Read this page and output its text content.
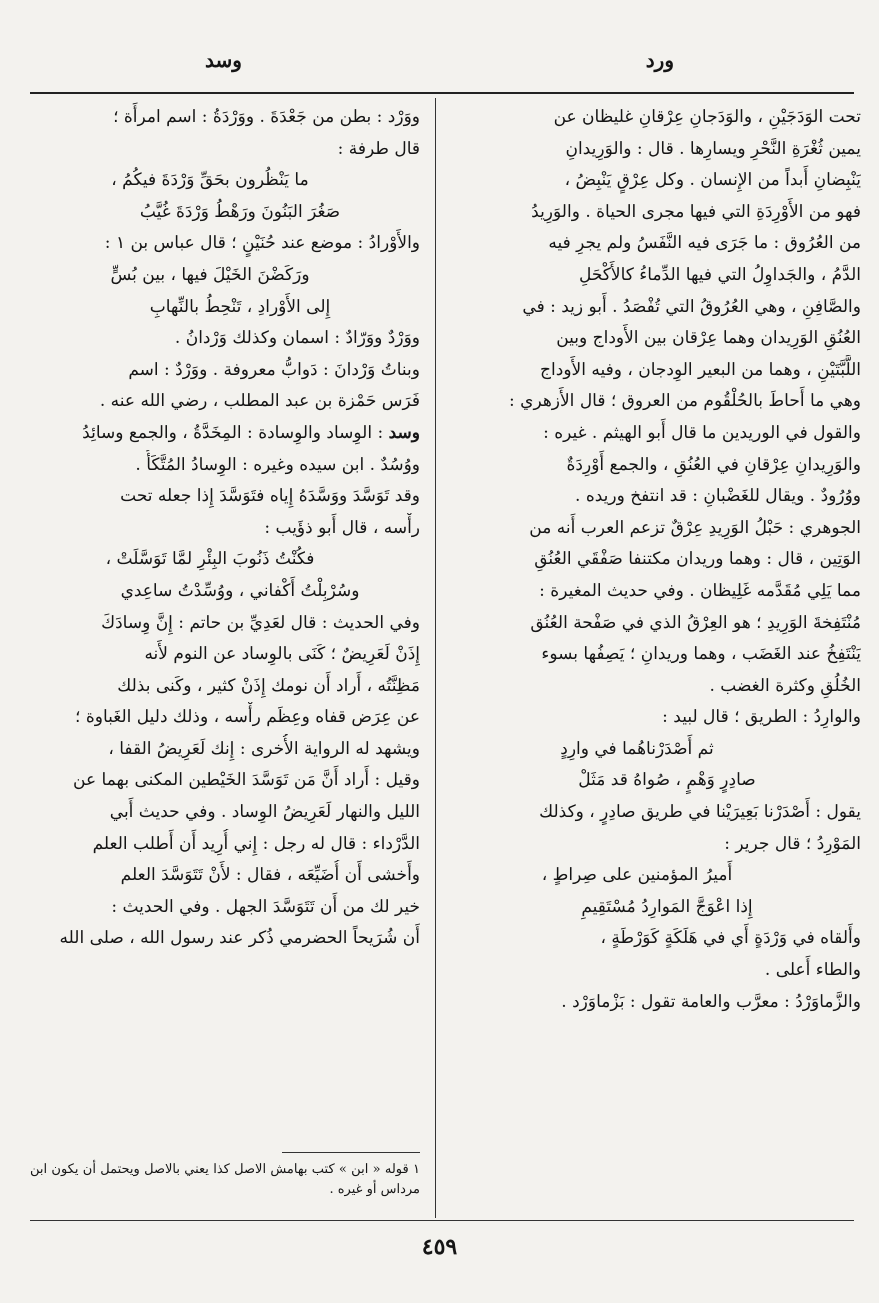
ورد
وسد
تحت الوَدَجَيْنِ ، والوَدَجانِ عِرْقانِ غليظان عن
يمين ثُغْرَةِ النَّحْرِ ويسارِها . قال : والوَرِيدانِ
يَنْبِضانِ أَبداً من الإِنسان . وكل عِرْقٍ يَنْبِضُ ،
فهو من الأَوْرِدَةِ التي فيها مجرى الحياة . والوَرِيدُ
من العُرُوق : ما جَرَى فيه النَّفَسُ ولم يجرِ فيه
الدَّمُ ، والجَداوِلُ التي فيها الدِّماءُ كالأَكْحَلِ
والصَّافِنِ ، وهي العُرُوقُ التي تُفْصَدُ . أَبو زيد : في
العُنُقِ الوَرِيدان وهما عِرْقان بين الأَوداج وبين
اللَّبَّتَيْنِ ، وهما من البعير الوِدجان ، وفيه الأَوداج
وهي ما أَحاطَ بالحُلْقُوم من العروق ؛ قال الأَزهري :
والقول في الوريدين ما قال أَبو الهيثم . غيره :
والوَرِيدانِ عِرْقانِ في العُنُقِ ، والجمع أَوْرِدَةٌ
ووُرُودٌ . ويقال للغَضْبانِ : قد انتفخ وريده .
الجوهري : حَبْلُ الوَرِيدِ عِرْقٌ تزعم العرب أَنه من
الوَتِين ، قال : وهما وريدان مكتنفا صَفْقَي العُنُقِ
مما يَلِي مُقَدَّمه غَلِيظان . وفي حديث المغيرة :
مُنْتَفِخةَ الوَرِيدِ ؛ هو العِرْقُ الذي في صَفْحة العُنُق
يَنْتَفِخُ عند الغَضَب ، وهما وريدانِ ؛ يَصِفُها بسوء
الخُلُقِ وكثرة الغضب .
والوارِدُ : الطريق ؛ قال لبيد :
ثم أَصْدَرْناهُما في وارِدٍ
صادِرٍ وَهْمٍ ، صُواهُ قد مَثَلْ
يقول : أَصْدَرْنا بَعِيرَيْنا في طريق صادِرٍ ، وكذلك
المَوْرِدُ ؛ قال جرير :
أَميرُ المؤمنين على صِراطٍ ،
إِذا اعْوَجَّ المَوارِدُ مُسْتَقِيمِ
وأَلقاه في وَرْدَةٍ أَي في هَلَكَةٍ كَوَرْطَةٍ ،
والطاء أَعلى .
والزَّماوَرْدُ : معرَّب والعامة تقول : بَزْماوَرْد .
ووَرْد : بطن من جَعْدَةَ . ووَرْدَةُ : اسم امرأَة ؛
قال طرفة :
ما يَنْظُرون بحَقِّ وَرْدَةَ فيكُمُ ،
صَغُرَ البَنُونَ ورَهْطُ وَرْدَةَ غُيَّبُ
والأَوْرادُ : موضع عند حُنَيْنٍ ؛ قال عباس بن ١ :
ورَكَضْنَ الخَيْلَ فيها ، بين بُسٍّ
إِلى الأَوْرادِ ، تَنْحِطُ بالنِّهابِ
ووَرْدٌ ووَرّادٌ : اسمان وكذلك وَرْدانُ .
وبناتُ وَرْدانَ : دَوابُّ معروفة . ووَرْدٌ : اسم
فَرَس حَمْزة بن عبد المطلب ، رضي الله عنه .
وسد : الوِساد والوِسادة : المِخَدَّةُ ، والجمع وسائِدُ
ووُسُدٌ . ابن سيده وغيره : الوِسادُ المُتَّكَأُ .
وقد تَوَسَّدَ ووَسَّدَهُ إِياه فتَوَسَّدَ إِذا جعله تحت
رأْسه ، قال أَبو ذؤَيب :
فكُنْتُ ذَنُوبَ البِئْرِ لمَّا تَوَسَّلَتْ ،
وسُرْبِلْتُ أَكْفاني ، ووُسِّدْتُ ساعِدي
وفي الحديث : قال لعَدِيِّ بن حاتم : إِنَّ وِسادَكَ
إِذَنْ لَعَرِيضٌ ؛ كَنَى بالوِساد عن النوم لأَنه
مَظِنَّتُه ، أَراد أَن نومك إِذَنْ كثير ، وكَنى بذلك
عن عِرَض قفاه وعِظَم رأْسه ، وذلك دليل الغَباوة ؛
ويشهد له الرواية الأُخرى : إِنك لَعَرِيضُ القفا ،
وقيل : أَراد أَنَّ مَن تَوَسَّدَ الخَيْطين المكنى بهما عن
الليل والنهار لَعَرِيضُ الوِساد . وفي حديث أَبي
الدَّرْداء : قال له رجل : إِني أُرِيد أَن أَطلب العلم
وأَخشى أَن أُضَيِّعَه ، فقال : لأَنْ تَتَوَسَّدَ العلم
خير لك من أَن تَتَوَسَّدَ الجهل . وفي الحديث :
أَن شُرَيحاً الحضرمي ذُكر عند رسول الله ، صلى الله
١ قوله « ابن » كتب بهامش الاصل كذا يعني بالاصل ويحتمل أن يكون ابن مرداس أو غيره .
٤٥٩
